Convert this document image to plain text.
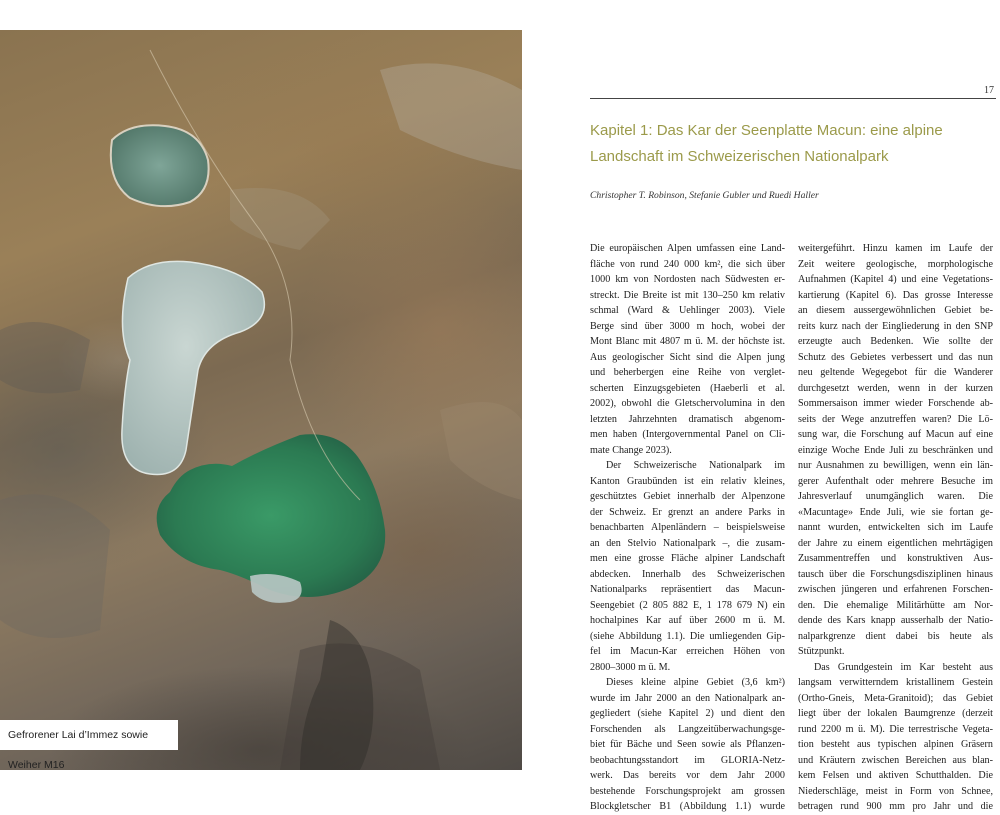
Gefrorener Lai d’Immez sowie Weiher M16
17
Kapitel 1: Das Kar der Seenplatte Macun: eine alpine
Landschaft im Schweizerischen Nationalpark
Christopher T. Robinson, Stefanie Gubler und Ruedi Haller
Die europäischen Alpen umfassen eine Land-
fläche von rund 240 000 km², die sich über
1000 km von Nordosten nach Südwesten er-
streckt. Die Breite ist mit 130–250 km relativ
schmal (Ward & Uehlinger 2003). Viele
Berge sind über 3000 m hoch, wobei der
Mont Blanc mit 4807 m ü. M. der höchste ist.
Aus geologischer Sicht sind die Alpen jung
und beherbergen eine Reihe von verglet-
scherten Einzugsgebieten (Haeberli et al.
2002), obwohl die Gletschervolumina in den
letzten Jahrzehnten dramatisch abgenom-
men haben (Intergovernmental Panel on Cli-
mate Change 2023).
Der Schweizerische Nationalpark im
Kanton Graubünden ist ein relativ kleines,
geschütztes Gebiet innerhalb der Alpenzone
der Schweiz. Er grenzt an andere Parks in
benachbarten Alpenländern – beispielsweise
an den Stelvio Nationalpark –, die zusam-
men eine grosse Fläche alpiner Landschaft
abdecken. Innerhalb des Schweizerischen
Nationalparks repräsentiert das Macun-
Seengebiet (2 805 882 E, 1 178 679 N) ein
hochalpines Kar auf über 2600 m ü. M.
(siehe Abbildung 1.1). Die umliegenden Gip-
fel im Macun-Kar erreichen Höhen von
2800–3000 m ü. M.
Dieses kleine alpine Gebiet (3,6 km²)
wurde im Jahr 2000 an den Nationalpark an-
gegliedert (siehe Kapitel 2) und dient den
Forschenden als Langzeitüberwachungsge-
biet für Bäche und Seen sowie als Pflanzen-
beobachtungsstandort im GLORIA-Netz-
werk. Das bereits vor dem Jahr 2000
bestehende Forschungsprojekt am grossen
Blockgletscher B1 (Abbildung 1.1) wurde
weitergeführt. Hinzu kamen im Laufe der
Zeit weitere geologische, morphologische
Aufnahmen (Kapitel 4) und eine Vegetations-
kartierung (Kapitel 6). Das grosse Interesse
an diesem aussergewöhnlichen Gebiet be-
reits kurz nach der Eingliederung in den SNP
erzeugte auch Bedenken. Wie sollte der
Schutz des Gebietes verbessert und das nun
neu geltende Wegegebot für die Wanderer
durchgesetzt werden, wenn in der kurzen
Sommersaison immer wieder Forschende ab-
seits der Wege anzutreffen waren? Die Lö-
sung war, die Forschung auf Macun auf eine
einzige Woche Ende Juli zu beschränken und
nur Ausnahmen zu bewilligen, wenn ein län-
gerer Aufenthalt oder mehrere Besuche im
Jahresverlauf unumgänglich waren. Die
«Macuntage» Ende Juli, wie sie fortan ge-
nannt wurden, entwickelten sich im Laufe
der Jahre zu einem eigentlichen mehrtägigen
Zusammentreffen und konstruktiven Aus-
tausch über die Forschungsdisziplinen hinaus
zwischen jüngeren und erfahrenen Forschen-
den. Die ehemalige Militärhütte am Nor-
dende des Kars knapp ausserhalb der Natio-
nalparkgrenze dient dabei bis heute als
Stützpunkt.
Das Grundgestein im Kar besteht aus
langsam verwitterndem kristallinem Gestein
(Ortho-Gneis, Meta-Granitoid); das Gebiet
liegt über der lokalen Baumgrenze (derzeit
rund 2200 m ü. M). Die terrestrische Vegeta-
tion besteht aus typischen alpinen Gräsern
und Kräutern zwischen Bereichen aus blan-
kem Felsen und aktiven Schutthalden. Die
Niederschläge, meist in Form von Schnee,
betragen rund 900 mm pro Jahr und die
